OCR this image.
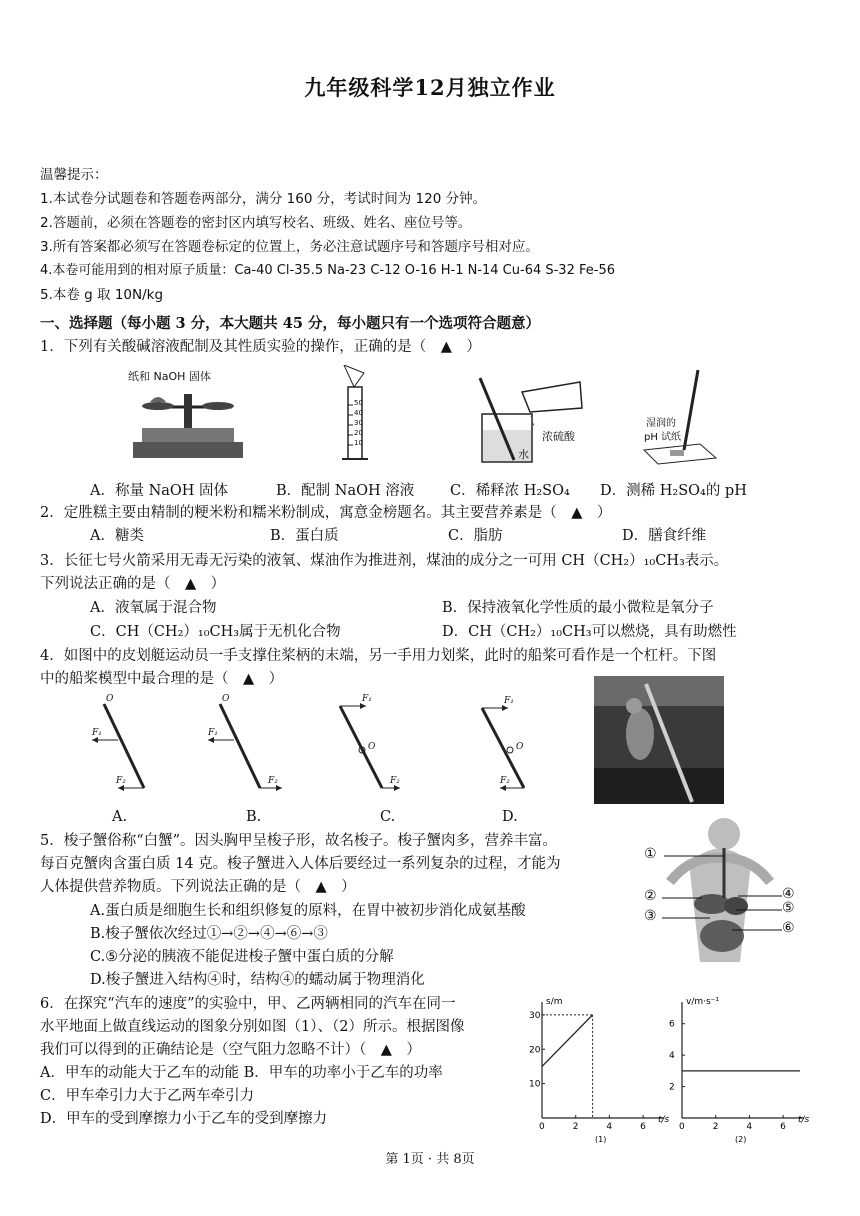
九年级科学12月独立作业
温馨提示：
1.本试卷分试题卷和答题卷两部分，满分 160 分，考试时间为 120 分钟。
2.答题前，必须在答题卷的密封区内填写校名、班级、姓名、座位号等。
3.所有答案都必须写在答题卷标定的位置上，务必注意试题序号和答题序号相对应。
4.本卷可能用到的相对原子质量：Ca-40 Cl-35.5 Na-23 C-12 O-16 H-1 N-14 Cu-64 S-32 Fe-56
5.本卷 g 取 10N/kg
一、选择题（每小题 3 分，本大题共 45 分，每小题只有一个选项符合题意）
1．下列有关酸碱溶液配制及其性质实验的操作，正确的是（　▲　）
纸和 NaOH 固体
50
40
30
20
10	浓硫酸
水
湿润的
pH 试纸
A．称量 NaOH 固体	B．配制 NaOH 溶液 C．稀释浓 H₂SO₄ D．测稀 H₂SO₄的 pH
2．定胜糕主要由精制的粳米粉和糯米粉制成，寓意金榜题名。其主要营养素是（　▲　）
A．糖类	B．蛋白质	C．脂肪	D．膳食纤维
3．长征七号火箭采用无毒无污染的液氧、煤油作为推进剂，煤油的成分之一可用 CH（CH₂）₁₀CH₃表示。
下列说法正确的是（　▲　）
A．液氧属于混合物	B．保持液氧化学性质的最小微粒是氧分子
C．CH（CH₂）₁₀CH₃属于无机化合物	D．CH（CH₂）₁₀CH₃可以燃烧，具有助燃性
4．如图中的皮划艇运动员一手支撑住桨柄的末端，另一手用力划桨，此时的船桨可看作是一个杠杆。下图
中的船桨模型中最合理的是（　▲　）
O
F₁
F₂
O
F₁
F₂
F₁
O
F₂
F₁
O
F₂
A.	B.	C.	D.
5．梭子蟹俗称“白蟹”。因头胸甲呈梭子形，故名梭子。梭子蟹肉多，营养丰富。
每百克蟹肉含蛋白质 14 克。梭子蟹进入人体后要经过一系列复杂的过程，才能为
人体提供营养物质。下列说法正确的是（　▲　）
A.蛋白质是细胞生长和组织修复的原料，在胃中被初步消化成氨基酸
B.梭子蟹依次经过①→②→④→⑥→③
C.⑤分泌的胰液不能促进梭子蟹中蛋白质的分解
D.梭子蟹进入结构④时，结构④的蠕动属于物理消化
①
②
③
④
⑤
⑥
6．在探究“汽车的速度”的实验中，甲、乙两辆相同的汽车在同一
水平地面上做直线运动的图象分别如图（1）、（2）所示。根据图像
我们可以得到的正确结论是（空气阻力忽略不计）（　▲　）
A．甲车的动能大于乙车的动能 B．甲车的功率小于乙车的功率
C．甲车牵引力大于乙两车牵引力
D．甲车的受到摩擦力小于乙车的受到摩擦力
s/m
t/s
0	2	4	6
10
20
30
(1)
v/m·s⁻¹
t/s
0	2	4	6
2
4
6
(2)
第 1页 · 共 8页
